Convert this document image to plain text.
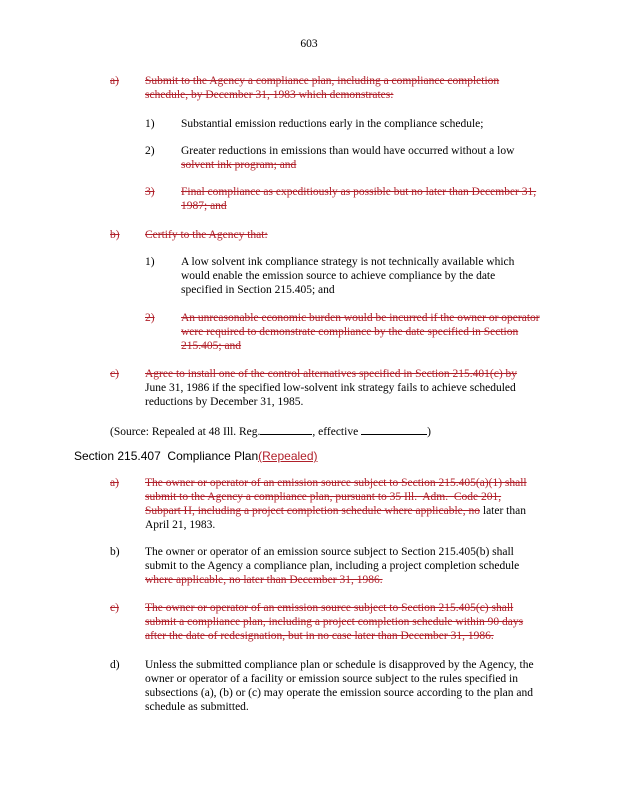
603
a) Submit to the Agency a compliance plan, including a compliance completion schedule, by December 31, 1983 which demonstrates:
1) Substantial emission reductions early in the compliance schedule;
2) Greater reductions in emissions than would have occurred without a low
solvent ink program; and
3) Final compliance as expeditiously as possible but no later than December 31, 1987; and
b) Certify to the Agency that:
1) A low solvent ink compliance strategy is not technically available which would enable the emission source to achieve compliance by the date specified in Section 215.405; and
2) An unreasonable economic burden would be incurred if the owner or operator were required to demonstrate compliance by the date specified in Section 215.405; and
c) Agree to install one of the control alternatives specified in Section 215.401(c) by
June 31, 1986 if the specified low-solvent ink strategy fails to achieve scheduled reductions by December 31, 1985.
(Source: Repealed at 48 Ill. Reg.	, effective	)
Section 215.407 Compliance Plan(Repealed)
a) The owner or operator of an emission source subject to Section 215.405(a)(1) shall submit to the Agency a compliance plan, pursuant to 35 Ill.  Adm.  Code 201, Subpart H, including a project completion schedule where applicable, no later than April 21, 1983.
b) The owner or operator of an emission source subject to Section 215.405(b) shall submit to the Agency a compliance plan, including a project completion schedule where applicable, no later than December 31, 1986.
c) The owner or operator of an emission source subject to Section 215.405(c) shall submit a compliance plan, including a project completion schedule within 90 days after the date of redesignation, but in no case later than December 31, 1986.
d) Unless the submitted compliance plan or schedule is disapproved by the Agency, the owner or operator of a facility or emission source subject to the rules specified in subsections (a), (b) or (c) may operate the emission source according to the plan and schedule as submitted.
